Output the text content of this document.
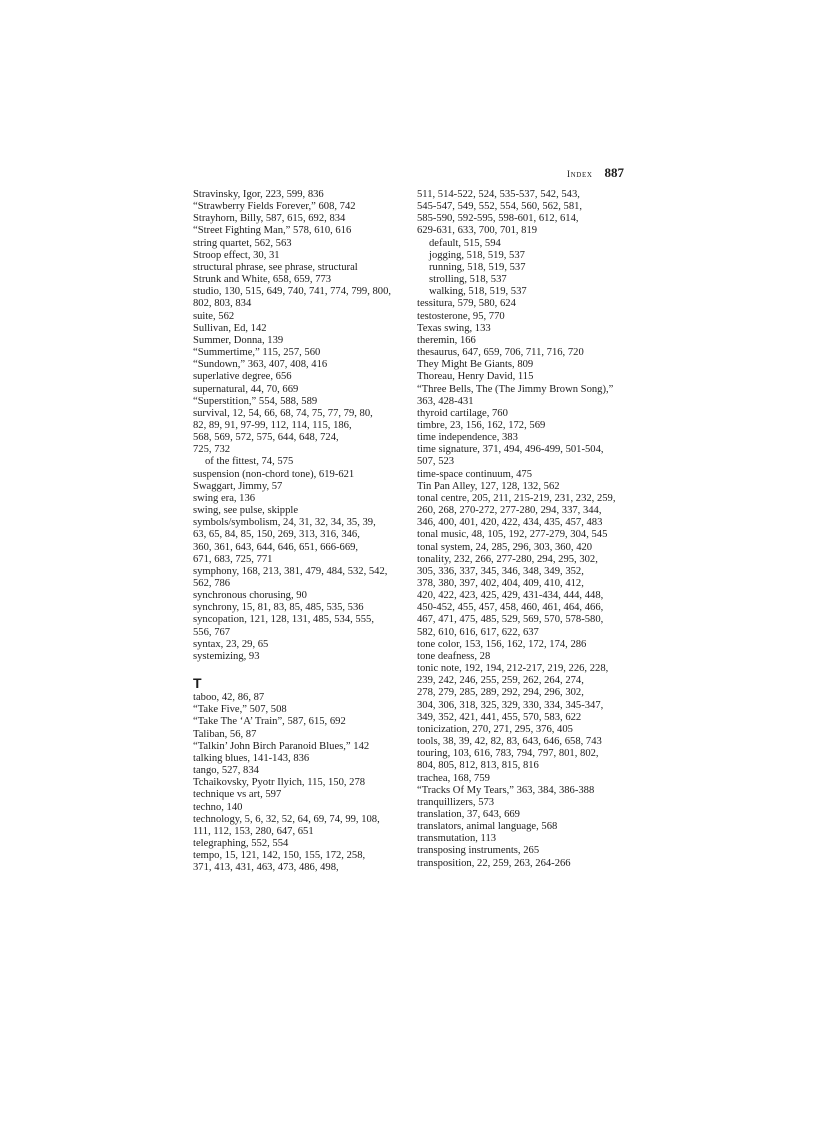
Index 887
Stravinsky, Igor, 223, 599, 836
“Strawberry Fields Forever,” 608, 742
Strayhorn, Billy, 587, 615, 692, 834
“Street Fighting Man,” 578, 610, 616
string quartet, 562, 563
Stroop effect, 30, 31
structural phrase, see phrase, structural
Strunk and White, 658, 659, 773
studio, 130, 515, 649, 740, 741, 774, 799, 800,
802, 803, 834
suite, 562
Sullivan, Ed, 142
Summer, Donna, 139
“Summertime,” 115, 257, 560
“Sundown,” 363, 407, 408, 416
superlative degree, 656
supernatural, 44, 70, 669
“Superstition,” 554, 588, 589
survival, 12, 54, 66, 68, 74, 75, 77, 79, 80,
82, 89, 91, 97-99, 112, 114, 115, 186,
568, 569, 572, 575, 644, 648, 724,
725, 732
of the fittest, 74, 575
suspension (non-chord tone), 619-621
Swaggart, Jimmy, 57
swing era, 136
swing, see pulse, skipple
symbols/symbolism, 24, 31, 32, 34, 35, 39,
63, 65, 84, 85, 150, 269, 313, 316, 346,
360, 361, 643, 644, 646, 651, 666-669,
671, 683, 725, 771
symphony, 168, 213, 381, 479, 484, 532, 542,
562, 786
synchronous chorusing, 90
synchrony, 15, 81, 83, 85, 485, 535, 536
syncopation, 121, 128, 131, 485, 534, 555,
556, 767
syntax, 23, 29, 65
systemizing, 93
T
taboo, 42, 86, 87
“Take Five,” 507, 508
“Take The ‘A’ Train”, 587, 615, 692
Taliban, 56, 87
“Talkin’ John Birch Paranoid Blues,” 142
talking blues, 141-143, 836
tango, 527, 834
Tchaikovsky, Pyotr Ilyich, 115, 150, 278
technique vs art, 597
techno, 140
technology, 5, 6, 32, 52, 64, 69, 74, 99, 108,
111, 112, 153, 280, 647, 651
telegraphing, 552, 554
tempo, 15, 121, 142, 150, 155, 172, 258,
371, 413, 431, 463, 473, 486, 498,
511, 514-522, 524, 535-537, 542, 543,
545-547, 549, 552, 554, 560, 562, 581,
585-590, 592-595, 598-601, 612, 614,
629-631, 633, 700, 701, 819
default, 515, 594
jogging, 518, 519, 537
running, 518, 519, 537
strolling, 518, 537
walking, 518, 519, 537
tessitura, 579, 580, 624
testosterone, 95, 770
Texas swing, 133
theremin, 166
thesaurus, 647, 659, 706, 711, 716, 720
They Might Be Giants, 809
Thoreau, Henry David, 115
“Three Bells, The (The Jimmy Brown Song),”
363, 428-431
thyroid cartilage, 760
timbre, 23, 156, 162, 172, 569
time independence, 383
time signature, 371, 494, 496-499, 501-504,
507, 523
time-space continuum, 475
Tin Pan Alley, 127, 128, 132, 562
tonal centre, 205, 211, 215-219, 231, 232, 259,
260, 268, 270-272, 277-280, 294, 337, 344,
346, 400, 401, 420, 422, 434, 435, 457, 483
tonal music, 48, 105, 192, 277-279, 304, 545
tonal system, 24, 285, 296, 303, 360, 420
tonality, 232, 266, 277-280, 294, 295, 302,
305, 336, 337, 345, 346, 348, 349, 352,
378, 380, 397, 402, 404, 409, 410, 412,
420, 422, 423, 425, 429, 431-434, 444, 448,
450-452, 455, 457, 458, 460, 461, 464, 466,
467, 471, 475, 485, 529, 569, 570, 578-580,
582, 610, 616, 617, 622, 637
tone color, 153, 156, 162, 172, 174, 286
tone deafness, 28
tonic note, 192, 194, 212-217, 219, 226, 228,
239, 242, 246, 255, 259, 262, 264, 274,
278, 279, 285, 289, 292, 294, 296, 302,
304, 306, 318, 325, 329, 330, 334, 345-347,
349, 352, 421, 441, 455, 570, 583, 622
tonicization, 270, 271, 295, 376, 405
tools, 38, 39, 42, 82, 83, 643, 646, 658, 743
touring, 103, 616, 783, 794, 797, 801, 802,
804, 805, 812, 813, 815, 816
trachea, 168, 759
“Tracks Of My Tears,” 363, 384, 386-388
tranquillizers, 573
translation, 37, 643, 669
translators, animal language, 568
transmutation, 113
transposing instruments, 265
transposition, 22, 259, 263, 264-266
